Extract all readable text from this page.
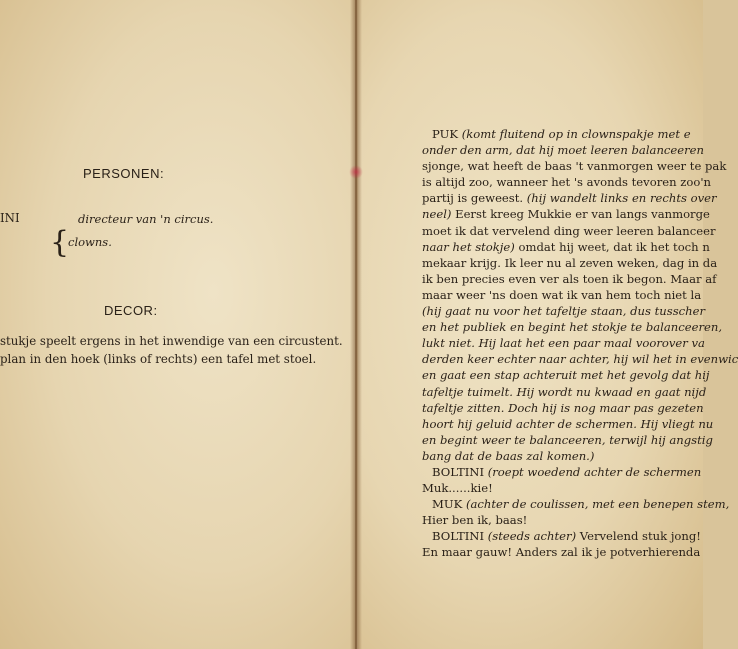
PERSONEN:
INI	directeur van 'n circus.
{
clowns.
DECOR:
stukje speelt ergens in het inwendige van een circustent.
plan in den hoek (links of rechts) een tafel met stoel.
PUK (komt fluitend op in clownspakje met e
onder den arm, dat hij moet leeren balanceeren
sjonge, wat heeft de baas 't vanmorgen weer te pak
is altijd zoo, wanneer het 's avonds tevoren zoo'n
partij is geweest. (hij wandelt links en rechts over
neel) Eerst kreeg Mukkie er van langs vanmorge
moet ik dat vervelend ding weer leeren balanceer
naar het stokje) omdat hij weet, dat ik het toch n
mekaar krijg. Ik leer nu al zeven weken, dag in da
ik ben precies even ver als toen ik begon. Maar af
maar weer 'ns doen wat ik van hem toch niet la
(hij gaat nu voor het tafeltje staan, dus tusscher
en het publiek en begint het stokje te balanceeren,
lukt niet. Hij laat het een paar maal voorover va
derden keer echter naar achter, hij wil het in evenwic
en gaat een stap achteruit met het gevolg dat hij
tafeltje tuimelt. Hij wordt nu kwaad en gaat nijd
tafeltje zitten. Doch hij is nog maar pas gezeten
hoort hij geluid achter de schermen. Hij vliegt nu
en begint weer te balanceeren, terwijl hij angstig
bang dat de baas zal komen.)
BOLTINI (roept woedend achter de schermen
Muk......kie!
MUK (achter de coulissen, met een benepen stem,
Hier ben ik, baas!
BOLTINI (steeds achter) Vervelend stuk jong!
En maar gauw! Anders zal ik je potverhierenda
